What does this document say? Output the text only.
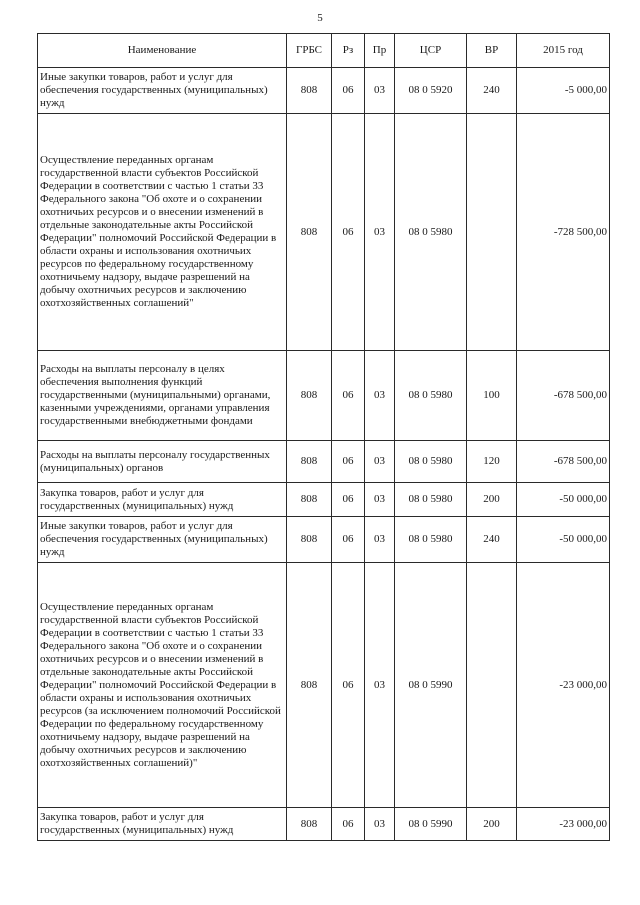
5
Наименование	ГРБС	Рз	Пр	ЦСР	ВР	2015 год
Иные закупки товаров, работ и услуг для обеспечения государственных (муниципальных) нужд	808	06	03	08 0 5920	240	-5 000,00
Осуществление переданных органам государственной власти субъектов Российской Федерации в соответствии с частью 1 статьи 33 Федерального закона "Об охоте и о сохранении охотничьих ресурсов и о внесении изменений в отдельные законодательные акты Российской Федерации" полномочий Российской Федерации в области охраны и использования охотничьих ресурсов по федеральному государственному охотничьему надзору, выдаче разрешений на добычу охотничьих ресурсов и заключению охотхозяйственных соглашений"	808	06	03	08 0 5980		-728 500,00
Расходы на выплаты персоналу в целях обеспечения выполнения функций государственными (муниципальными) органами, казенными учреждениями, органами управления государственными внебюджетными фондами	808	06	03	08 0 5980	100	-678 500,00
Расходы на выплаты персоналу государственных (муниципальных) органов	808	06	03	08 0 5980	120	-678 500,00
Закупка товаров, работ и услуг для государственных (муниципальных) нужд	808	06	03	08 0 5980	200	-50 000,00
Иные закупки товаров, работ и услуг для обеспечения государственных (муниципальных) нужд	808	06	03	08 0 5980	240	-50 000,00
Осуществление переданных органам государственной власти субъектов Российской Федерации в соответствии с частью 1 статьи 33 Федерального закона "Об охоте и о сохранении охотничьих ресурсов и о внесении изменений в отдельные законодательные акты Российской Федерации" полномочий Российской Федерации в области охраны и использования охотничьих ресурсов (за исключением полномочий Российской Федерации по федеральному государственному охотничьему надзору, выдаче разрешений на добычу охотничьих ресурсов и заключению охотхозяйственных соглашений)"	808	06	03	08 0 5990		-23 000,00
Закупка товаров, работ и услуг для государственных (муниципальных) нужд	808	06	03	08 0 5990	200	-23 000,00
